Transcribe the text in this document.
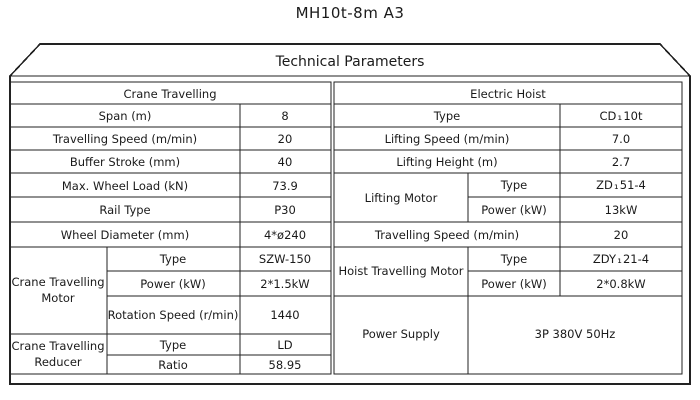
MH10t-8m A3
Technical Parameters
Crane Travelling
Span (m)	8
Travelling Speed (m/min)	20
Buffer Stroke (mm)	40
Max. Wheel Load (kN)	73.9
Rail Type	P30
Wheel Diameter (mm)	4*ø240
Crane Travelling
Motor
Type	SZW-150
Power (kW)	2*1.5kW
Rotation Speed (r/min)	1440
Crane Travelling
Reducer
Type	LD
Ratio	58.95
Electric Hoist
Type	CD ₁ 10t
Lifting Speed (m/min)	7.0
Lifting Height (m)	2.7
Lifting Motor
Type	ZD ₁ 51-4
Power (kW)	13kW
Travelling Speed (m/min)	20
Hoist Travelling Motor
Type	ZDY ₁ 21-4
Power (kW)	2*0.8kW
Power Supply	3P 380V 50Hz
